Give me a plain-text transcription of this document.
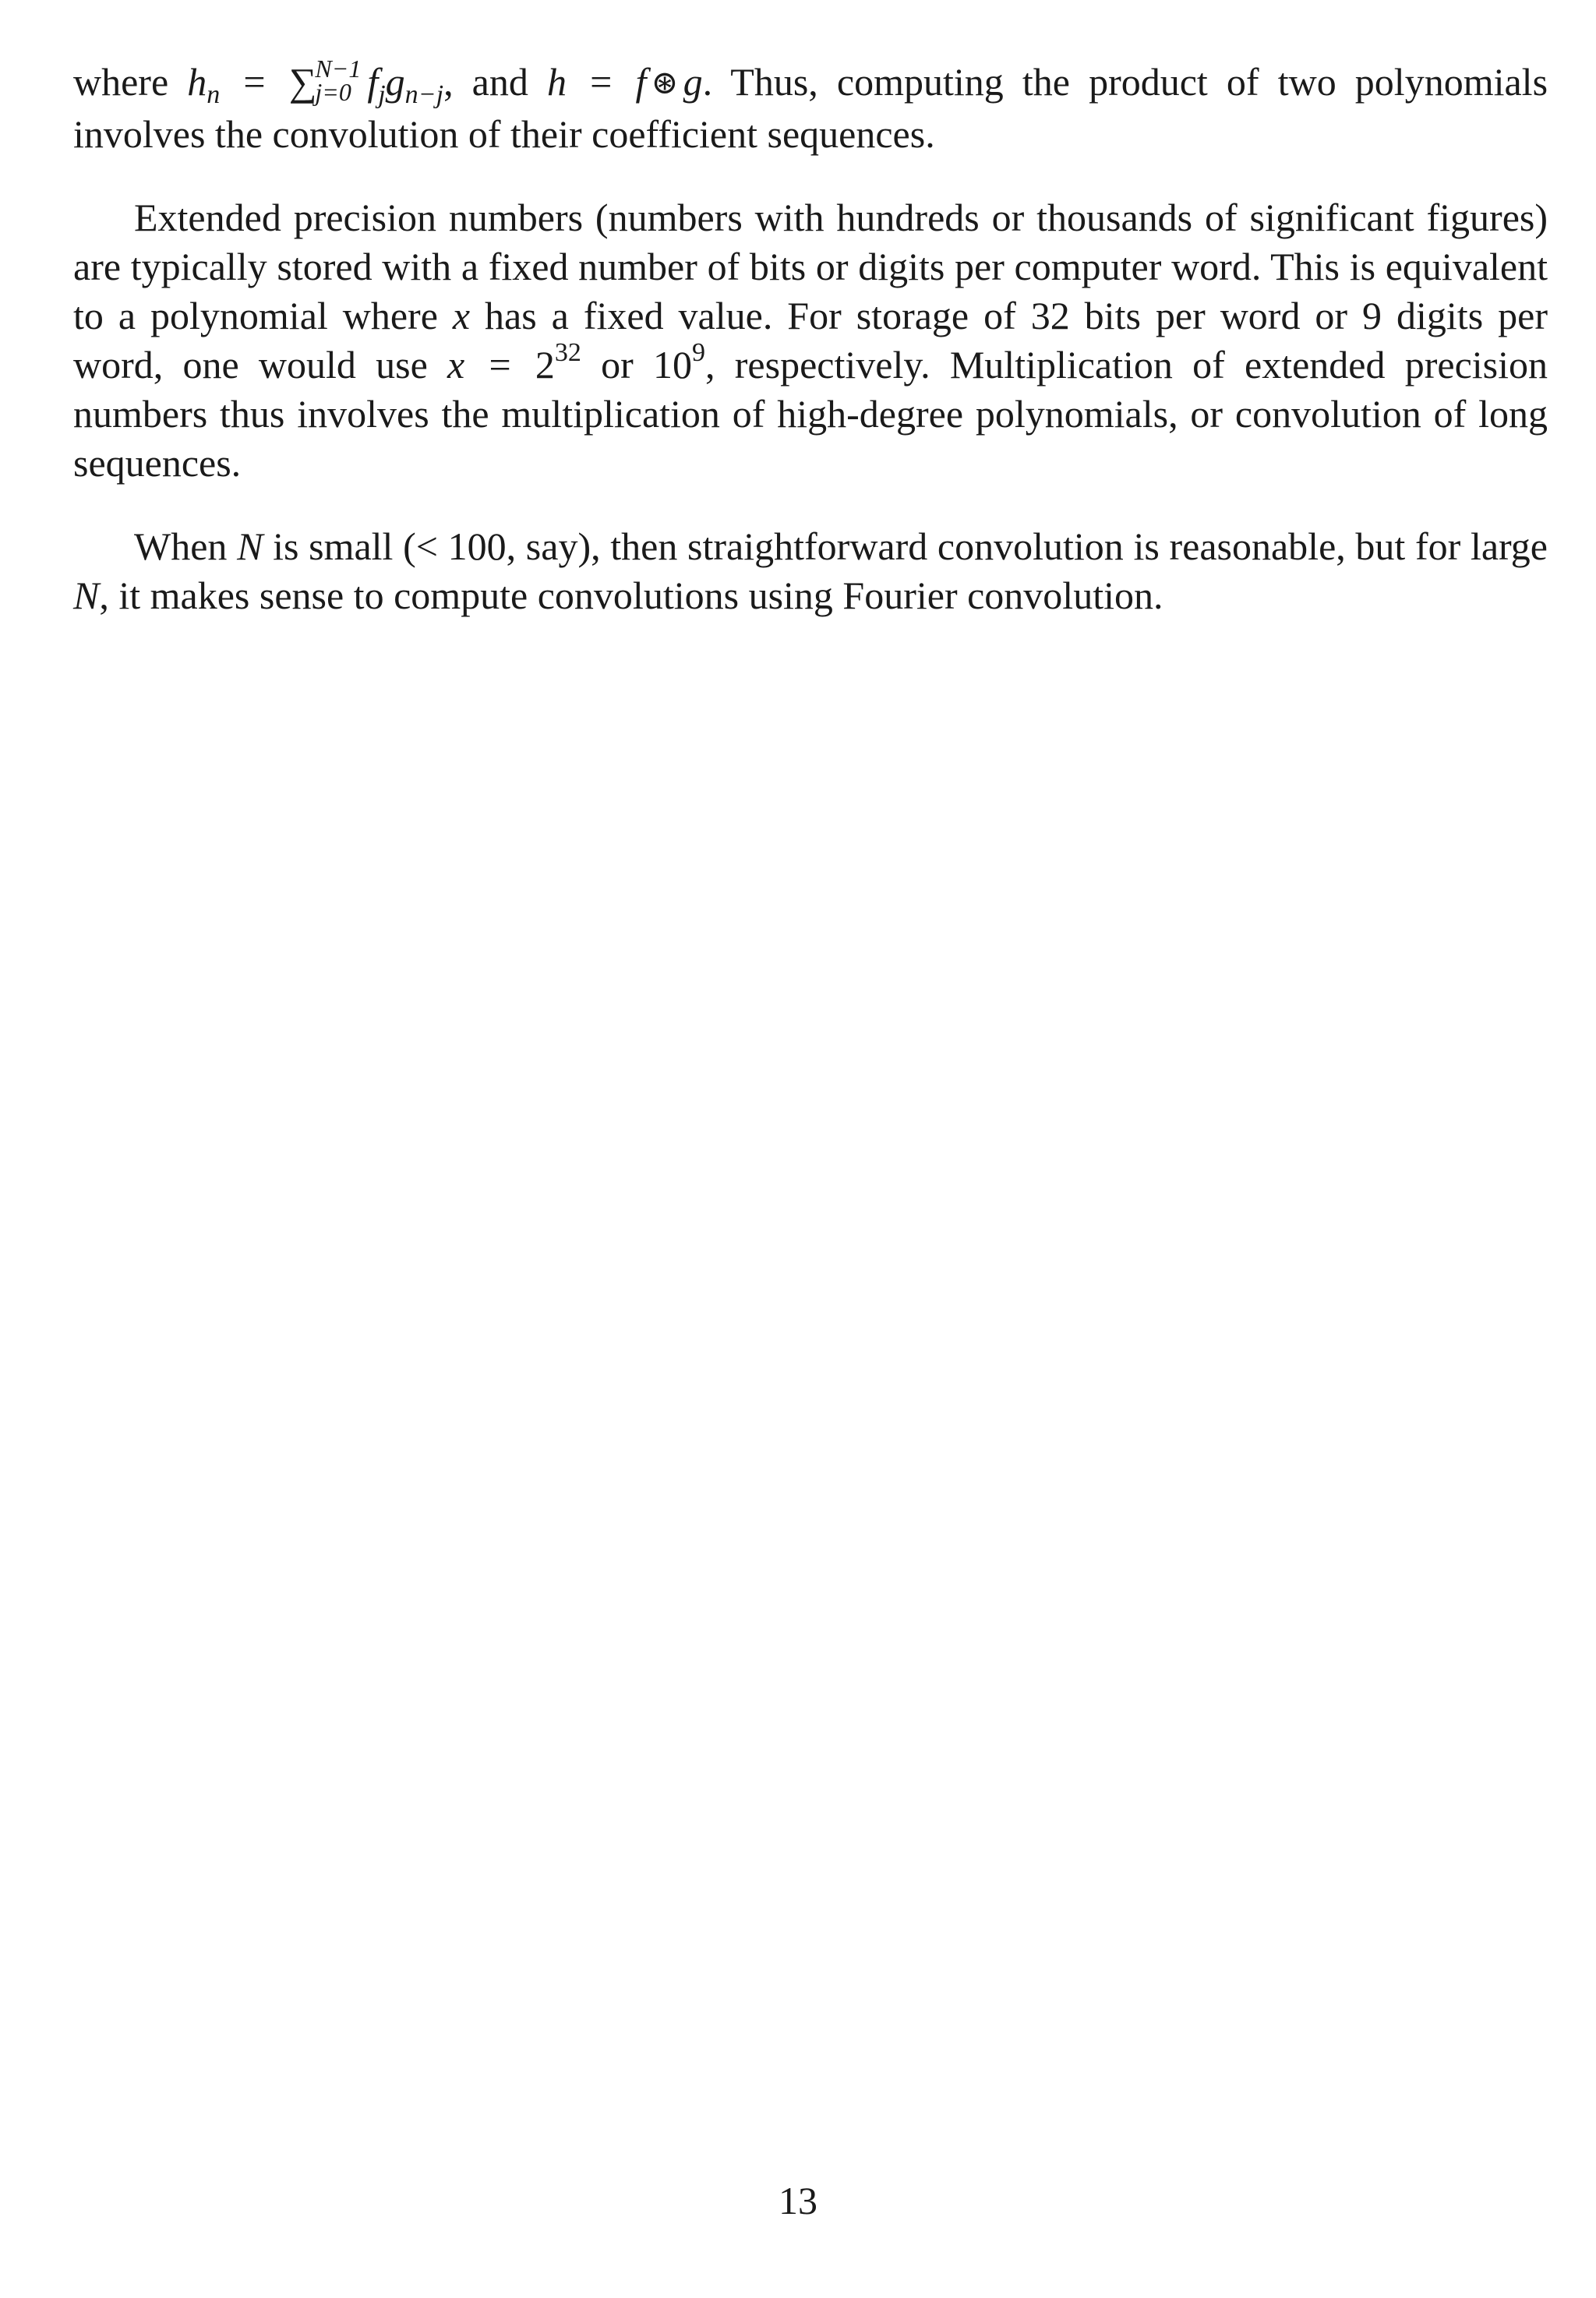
where $h_n$ = ∑
N−1
j=0 $f_jg_{n-j}$, and h = f ⊛ g. Thus, computing the product of two polynomials involves the convolution of their coefficient sequences.

Extended precision numbers (numbers with hundreds or thousands of significant figures) are typically stored with a fixed number of bits or digits per computer word. This is equivalent to a polynomial where x has a fixed value. For storage of 32 bits per word or 9 digits per word, one would use $x = 2^{32}$ or $10^9$, respectively. Multiplication of extended precision numbers thus involves the multiplication of high-degree polynomials, or convolution of long sequences.

When N is small (< 100, say), then straightforward convolution is reasonable, but for large N, it makes sense to compute convolutions using Fourier convolution.

13
